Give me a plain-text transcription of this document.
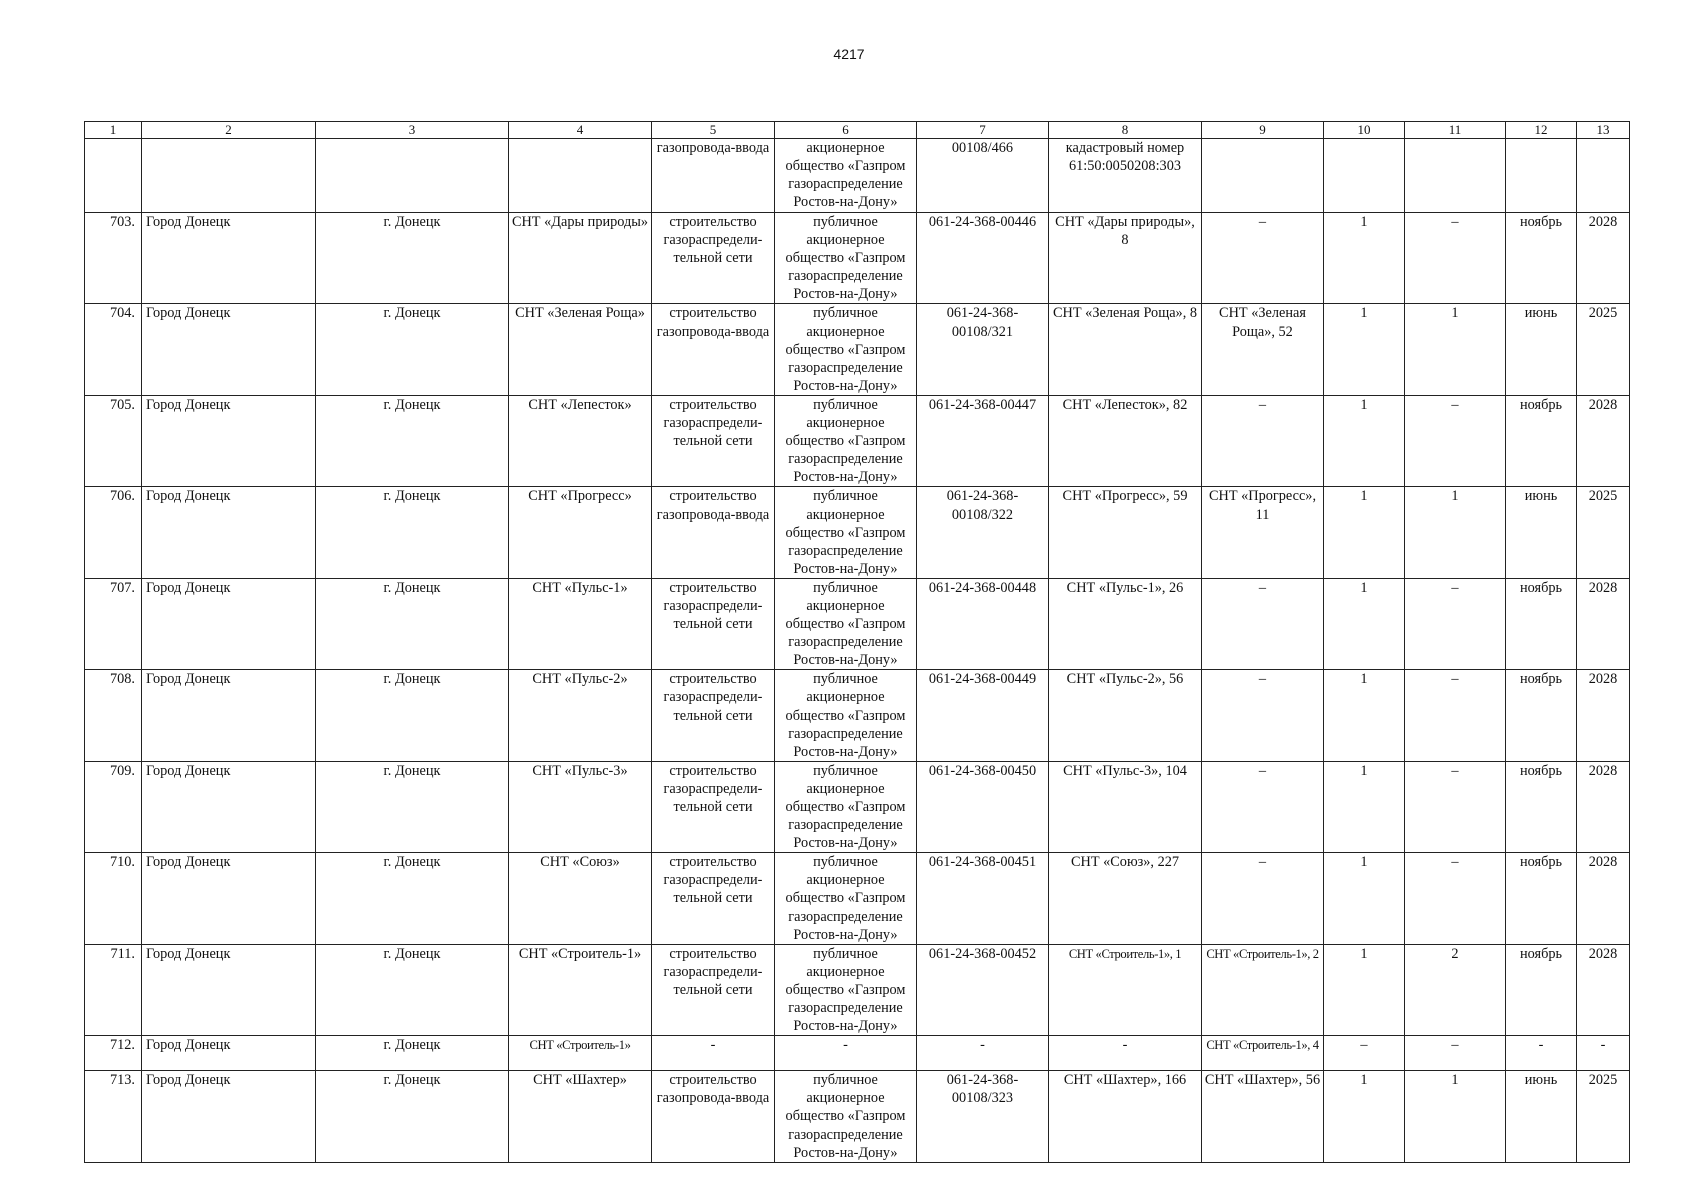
4217
1	2	3	4	5	6	7	8	9	10	11	12	13
				газопровода-ввода	акционерное общество «Газпром газораспределение Ростов-на-Дону»	00108/466	кадастровый номер 61:50:0050208:303					
703.	Город Донецк	г. Донецк	СНТ «Дары природы»	строительство газораспредели-тельной сети	публичное акционерное общество «Газпром газораспределение Ростов-на-Дону»	061-24-368-00446	СНТ «Дары природы», 8	–	1	–	ноябрь	2028
704.	Город Донецк	г. Донецк	СНТ «Зеленая Роща»	строительство газопровода-ввода	публичное акционерное общество «Газпром газораспределение Ростов-на-Дону»	061-24-368-00108/321	СНТ «Зеленая Роща», 8	СНТ «Зеленая Роща», 52	1	1	июнь	2025
705.	Город Донецк	г. Донецк	СНТ «Лепесток»	строительство газораспредели-тельной сети	публичное акционерное общество «Газпром газораспределение Ростов-на-Дону»	061-24-368-00447	СНТ «Лепесток», 82	–	1	–	ноябрь	2028
706.	Город Донецк	г. Донецк	СНТ «Прогресс»	строительство газопровода-ввода	публичное акционерное общество «Газпром газораспределение Ростов-на-Дону»	061-24-368-00108/322	СНТ «Прогресс», 59	СНТ «Прогресс», 11	1	1	июнь	2025
707.	Город Донецк	г. Донецк	СНТ «Пульс-1»	строительство газораспредели-тельной сети	публичное акционерное общество «Газпром газораспределение Ростов-на-Дону»	061-24-368-00448	СНТ «Пульс-1», 26	–	1	–	ноябрь	2028
708.	Город Донецк	г. Донецк	СНТ «Пульс-2»	строительство газораспредели-тельной сети	публичное акционерное общество «Газпром газораспределение Ростов-на-Дону»	061-24-368-00449	СНТ «Пульс-2», 56	–	1	–	ноябрь	2028
709.	Город Донецк	г. Донецк	СНТ «Пульс-3»	строительство газораспредели-тельной сети	публичное акционерное общество «Газпром газораспределение Ростов-на-Дону»	061-24-368-00450	СНТ «Пульс-3», 104	–	1	–	ноябрь	2028
710.	Город Донецк	г. Донецк	СНТ «Союз»	строительство газораспредели-тельной сети	публичное акционерное общество «Газпром газораспределение Ростов-на-Дону»	061-24-368-00451	СНТ «Союз», 227	–	1	–	ноябрь	2028
711.	Город Донецк	г. Донецк	СНТ «Строитель-1»	строительство газораспредели-тельной сети	публичное акционерное общество «Газпром газораспределение Ростов-на-Дону»	061-24-368-00452	СНТ «Строитель-1», 1	СНТ «Строитель-1», 2	1	2	ноябрь	2028
712.	Город Донецк	г. Донецк	СНТ «Строитель-1»	-	-	-	-	СНТ «Строитель-1», 4	–	–	-	-
713.	Город Донецк	г. Донецк	СНТ «Шахтер»	строительство газопровода-ввода	публичное акционерное общество «Газпром газораспределение Ростов-на-Дону»	061-24-368-00108/323	СНТ «Шахтер», 166	СНТ «Шахтер», 56	1	1	июнь	2025
